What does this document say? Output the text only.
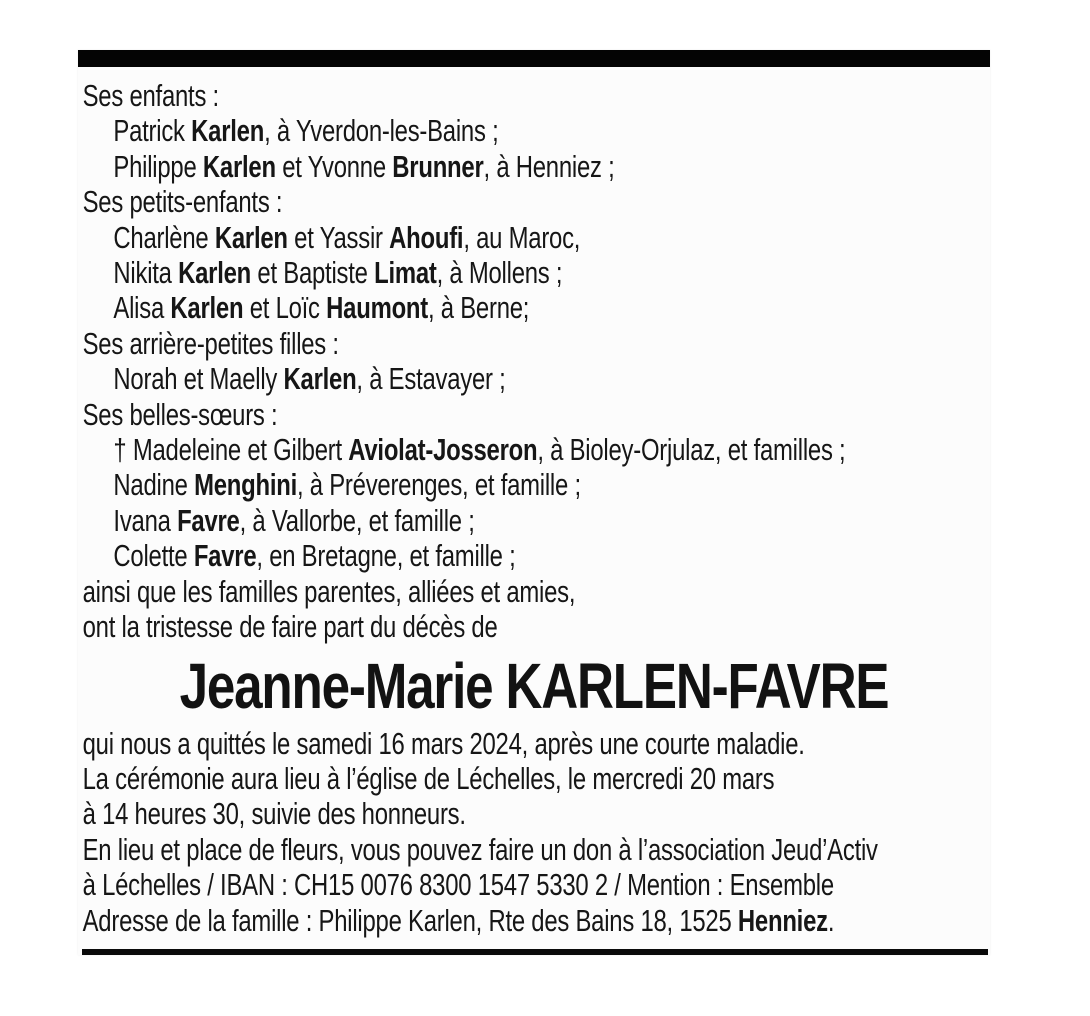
Ses enfants :
Patrick Karlen, à Yverdon-les-Bains ;
Philippe Karlen et Yvonne Brunner, à Henniez ;
Ses petits-enfants :
Charlène Karlen et Yassir Ahoufi, au Maroc,
Nikita Karlen et Baptiste Limat, à Mollens ;
Alisa Karlen et Loïc Haumont, à Berne;
Ses arrière-petites filles :
Norah et Maelly Karlen, à Estavayer ;
Ses belles-sœurs :
† Madeleine et Gilbert Aviolat-Josseron, à Bioley-Orjulaz, et familles ;
Nadine Menghini, à Préverenges, et famille ;
Ivana Favre, à Vallorbe, et famille ;
Colette Favre, en Bretagne, et famille ;
ainsi que les familles parentes, alliées et amies,
ont la tristesse de faire part du décès de
Jeanne-Marie KARLEN-FAVRE
qui nous a quittés le samedi 16 mars 2024, après une courte maladie.
La cérémonie aura lieu à l’église de Léchelles, le mercredi 20 mars
à 14 heures 30, suivie des honneurs.
En lieu et place de fleurs, vous pouvez faire un don à l’association Jeud’Activ
à Léchelles / IBAN : CH15 0076 8300 1547 5330 2 / Mention : Ensemble
Adresse de la famille : Philippe Karlen, Rte des Bains 18, 1525 Henniez.
